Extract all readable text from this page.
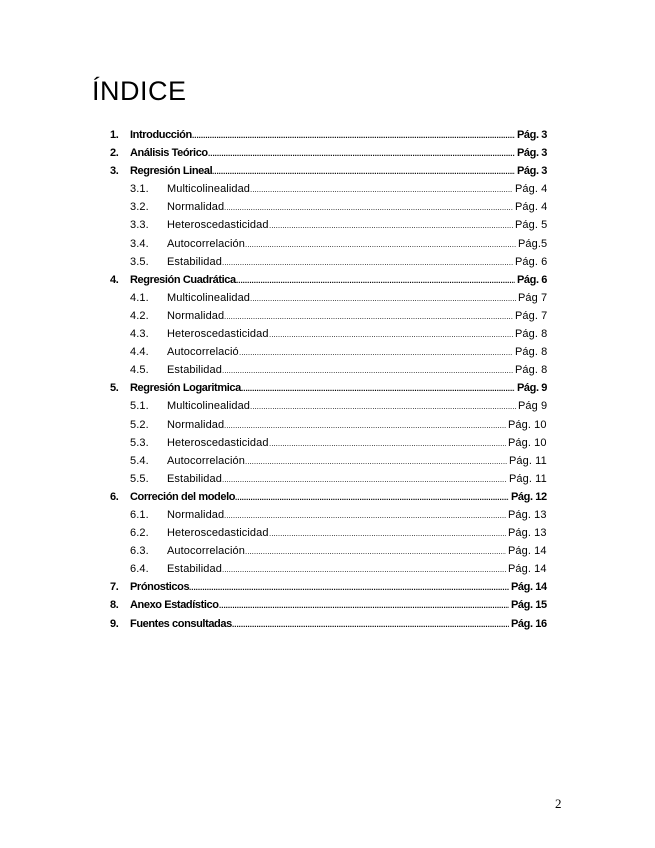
ÍNDICE
1. ..... Introducción	Pág. 3
2. ..... Análisis Teórico	Pág. 3
3. ..... Regresión Lineal	Pág. 3
3.1. ..... Multicolinealidad	Pág. 4
3.2. ..... Normalidad	Pág. 4
3.3. ..... Heteroscedasticidad	Pág. 5
3.4. ..... Autocorrelación	Pág.5
3.5. ..... Estabilidad	Pág. 6
4. ..... Regresión Cuadrática	Pág. 6
4.1. ..... Multicolinealidad	Pág 7
4.2. ..... Normalidad	Pág. 7
4.3. ..... Heteroscedasticidad	Pág. 8
4.4. ..... Autocorrelació	Pág. 8
4.5. ..... Estabilidad	Pág. 8
5. ..... Regresión Logaritmica	Pág. 9
5.1. ..... Multicolinealidad	Pág 9
5.2. ..... Normalidad	Pág. 10
5.3. ..... Heteroscedasticidad	Pág. 10
5.4. ..... Autocorrelación	Pág. 11
5.5. ..... Estabilidad	Pág. 11
6. ..... Correción del modelo	Pág. 12
6.1. ..... Normalidad	Pág. 13
6.2. ..... Heteroscedasticidad	Pág. 13
6.3. ..... Autocorrelación	Pág. 14
6.4. ..... Estabilidad	Pág. 14
7. ..... Prónosticos	Pág. 14
8. ..... Anexo Estadístico	Pág. 15
9. ..... Fuentes consultadas	Pág. 16
2
